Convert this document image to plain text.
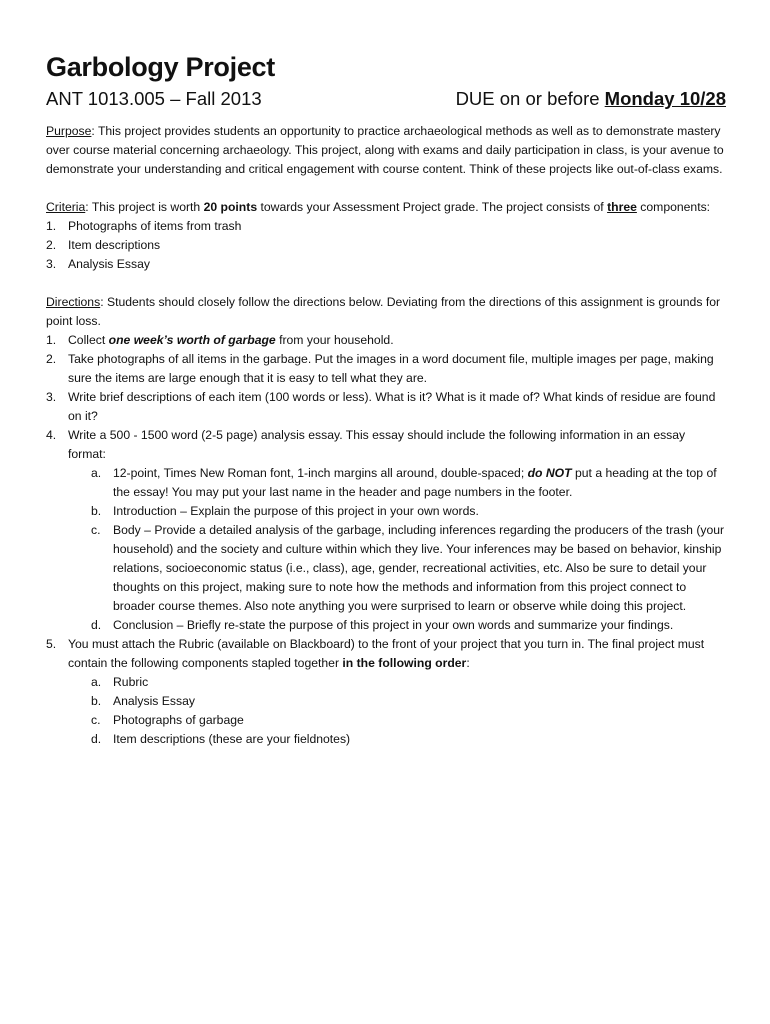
Garbology Project
ANT 1013.005 – Fall 2013	DUE on or before Monday 10/28

Purpose: This project provides students an opportunity to practice archaeological methods as well as to demonstrate mastery over course material concerning archaeology. This project, along with exams and daily participation in class, is your avenue to demonstrate your understanding and critical engagement with course content. Think of these projects like out-of-class exams.

Criteria: This project is worth 20 points towards your Assessment Project grade. The project consists of three components:

1. Photographs of items from trash
2. Item descriptions
3. Analysis Essay

Directions: Students should closely follow the directions below. Deviating from the directions of this assignment is grounds for point loss.

1. Collect one week’s worth of garbage from your household.
2. Take photographs of all items in the garbage. Put the images in a word document file, multiple images per page, making sure the items are large enough that it is easy to tell what they are.
3. Write brief descriptions of each item (100 words or less). What is it? What is it made of? What kinds of residue are found on it?
4. Write a 500 - 1500 word (2-5 page) analysis essay. This essay should include the following information in an essay format:
a. 12-point, Times New Roman font, 1-inch margins all around, double-spaced; do NOT put a heading at the top of the essay! You may put your last name in the header and page numbers in the footer.
b. Introduction – Explain the purpose of this project in your own words.
c.	Body – Provide a detailed analysis of the garbage, including inferences regarding the producers of the trash (your household) and the society and culture within which they live. Your inferences may be based on behavior, kinship relations, socioeconomic status (i.e., class), age, gender, recreational activities, etc. Also be sure to detail your thoughts on this project, making sure to note how the methods and information from this project connect to broader course themes. Also note anything you were surprised to learn or observe while doing this project.
d. Conclusion – Briefly re-state the purpose of this project in your own words and summarize your findings.
5. You must attach the Rubric (available on Blackboard) to the front of your project that you turn in. The final project must contain the following components stapled together in the following order:
a. Rubric
b. Analysis Essay
c.	Photographs of garbage
d. Item descriptions (these are your fieldnotes)
